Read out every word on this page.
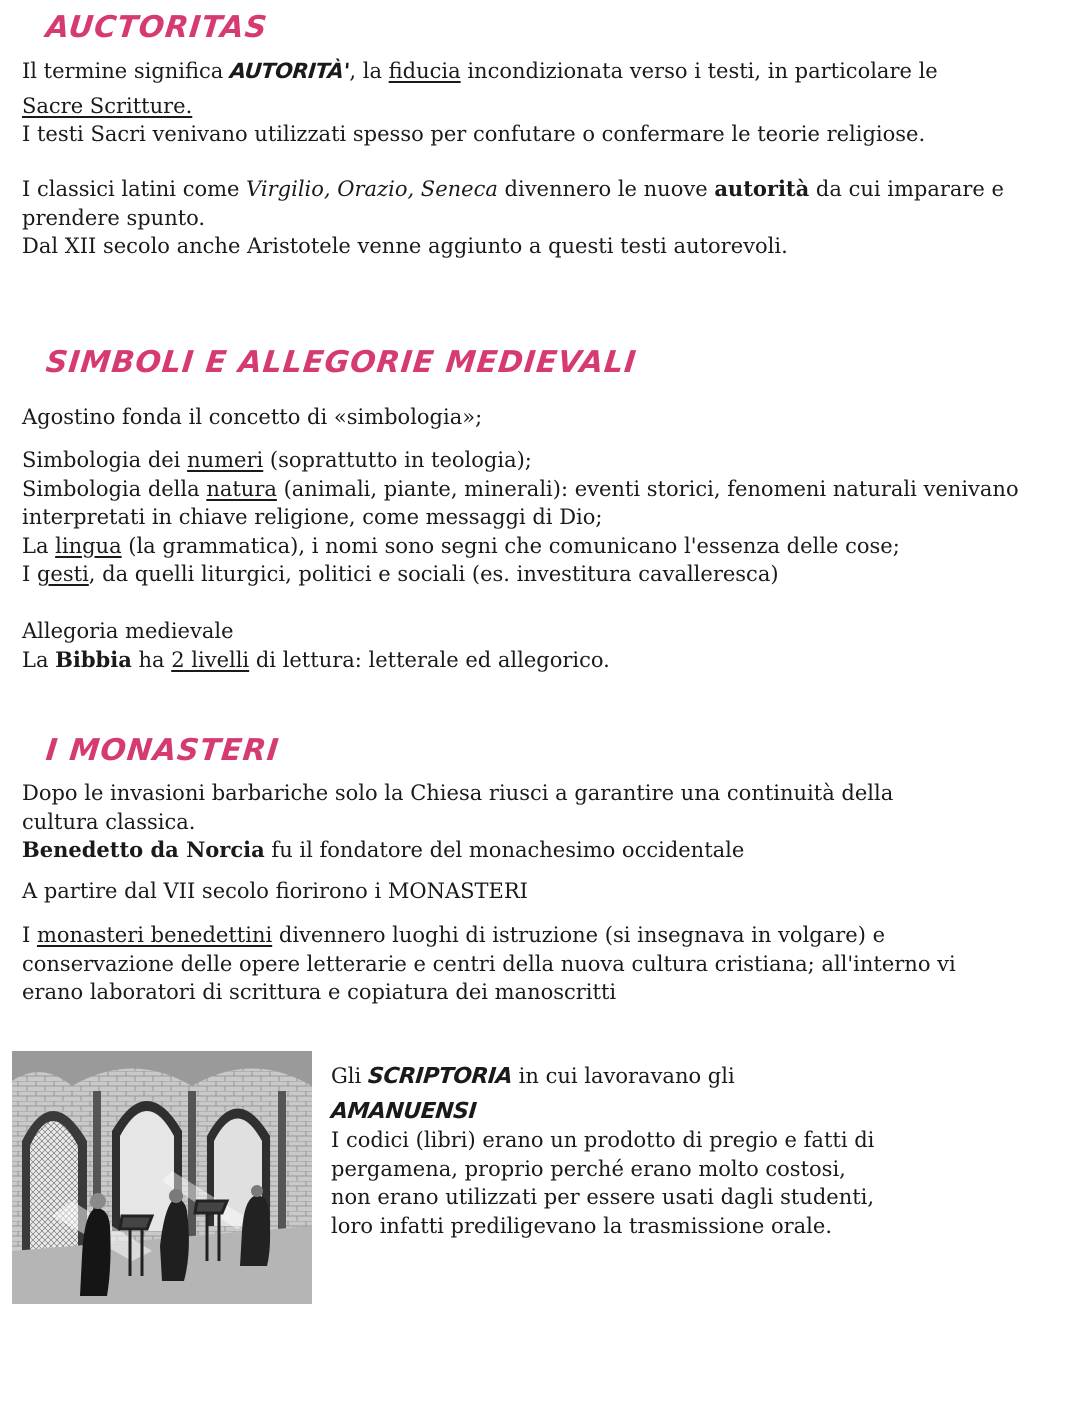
AUCTORITAS

Il termine significa AUTORITÀ', la fiducia incondizionata verso i testi, in particolare le
Sacre Scritture.
I testi Sacri venivano utilizzati spesso per confutare o confermare le teorie religiose.

I classici latini come Virgilio, Orazio, Seneca divennero le nuove autorità da cui imparare e prendere spunto.
Dal XII secolo anche Aristotele venne aggiunto a questi testi autorevoli.

SIMBOLI E ALLEGORIE MEDIEVALI

Agostino fonda il concetto di «simbologia»;

Simbologia dei numeri (soprattutto in teologia);
Simbologia della natura (animali, piante, minerali): eventi storici, fenomeni naturali venivano interpretati in chiave religione, come messaggi di Dio;
La lingua (la grammatica), i nomi sono segni che comunicano l'essenza delle cose;
I gesti, da quelli liturgici, politici e sociali (es. investitura cavalleresca)

Allegoria medievale
La Bibbia ha 2 livelli di lettura: letterale ed allegorico.

I MONASTERI

Dopo le invasioni barbariche solo la Chiesa riusci a garantire una continuità della cultura classica.

Benedetto da Norcia fu il fondatore del monachesimo occidentale

A partire dal VII secolo fiorirono i MONASTERI

I monasteri benedettini divennero luoghi di istruzione (si insegnava in volgare) e conservazione delle opere letterarie e centri della nuova cultura cristiana; all'interno vi erano laboratori di scrittura e copiatura dei manoscritti

Gli SCRIPTORIA in cui lavoravano gli
AMANUENSI
I codici (libri) erano un prodotto di pregio e fatti di pergamena, proprio perché erano molto costosi, non erano utilizzati per essere usati dagli studenti, loro infatti prediligevano la trasmissione orale.
